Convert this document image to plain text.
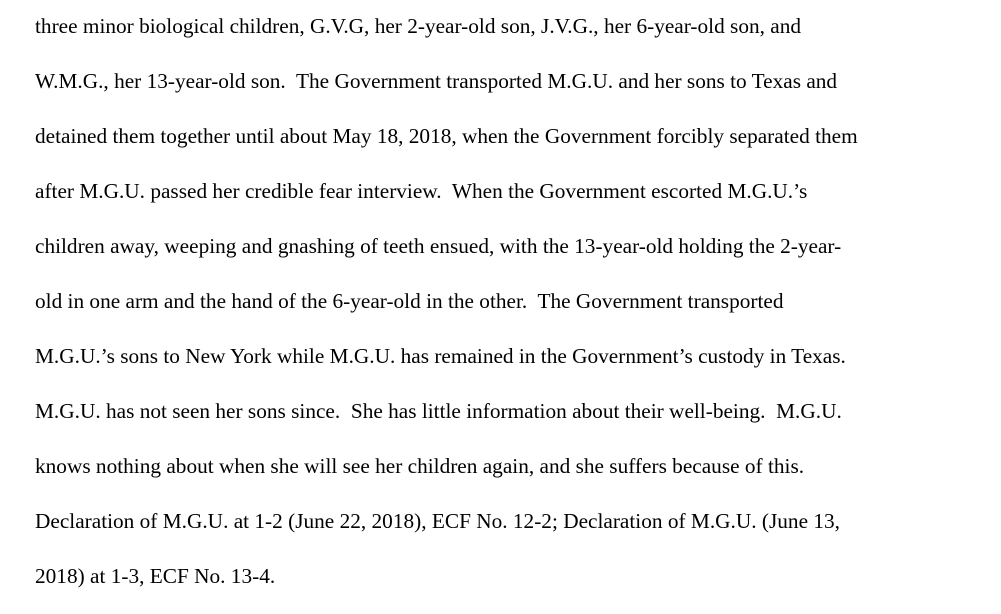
three minor biological children, G.V.G, her 2-year-old son, J.V.G., her 6-year-old son, and
W.M.G., her 13-year-old son.  The Government transported M.G.U. and her sons to Texas and
detained them together until about May 18, 2018, when the Government forcibly separated them
after M.G.U. passed her credible fear interview.  When the Government escorted M.G.U.’s
children away, weeping and gnashing of teeth ensued, with the 13-year-old holding the 2-year-
old in one arm and the hand of the 6-year-old in the other.  The Government transported
M.G.U.’s sons to New York while M.G.U. has remained in the Government’s custody in Texas.
M.G.U. has not seen her sons since.  She has little information about their well-being.  M.G.U.
knows nothing about when she will see her children again, and she suffers because of this.
Declaration of M.G.U. at 1-2 (June 22, 2018), ECF No. 12-2; Declaration of M.G.U. (June 13,
2018) at 1-3, ECF No. 13-4.
